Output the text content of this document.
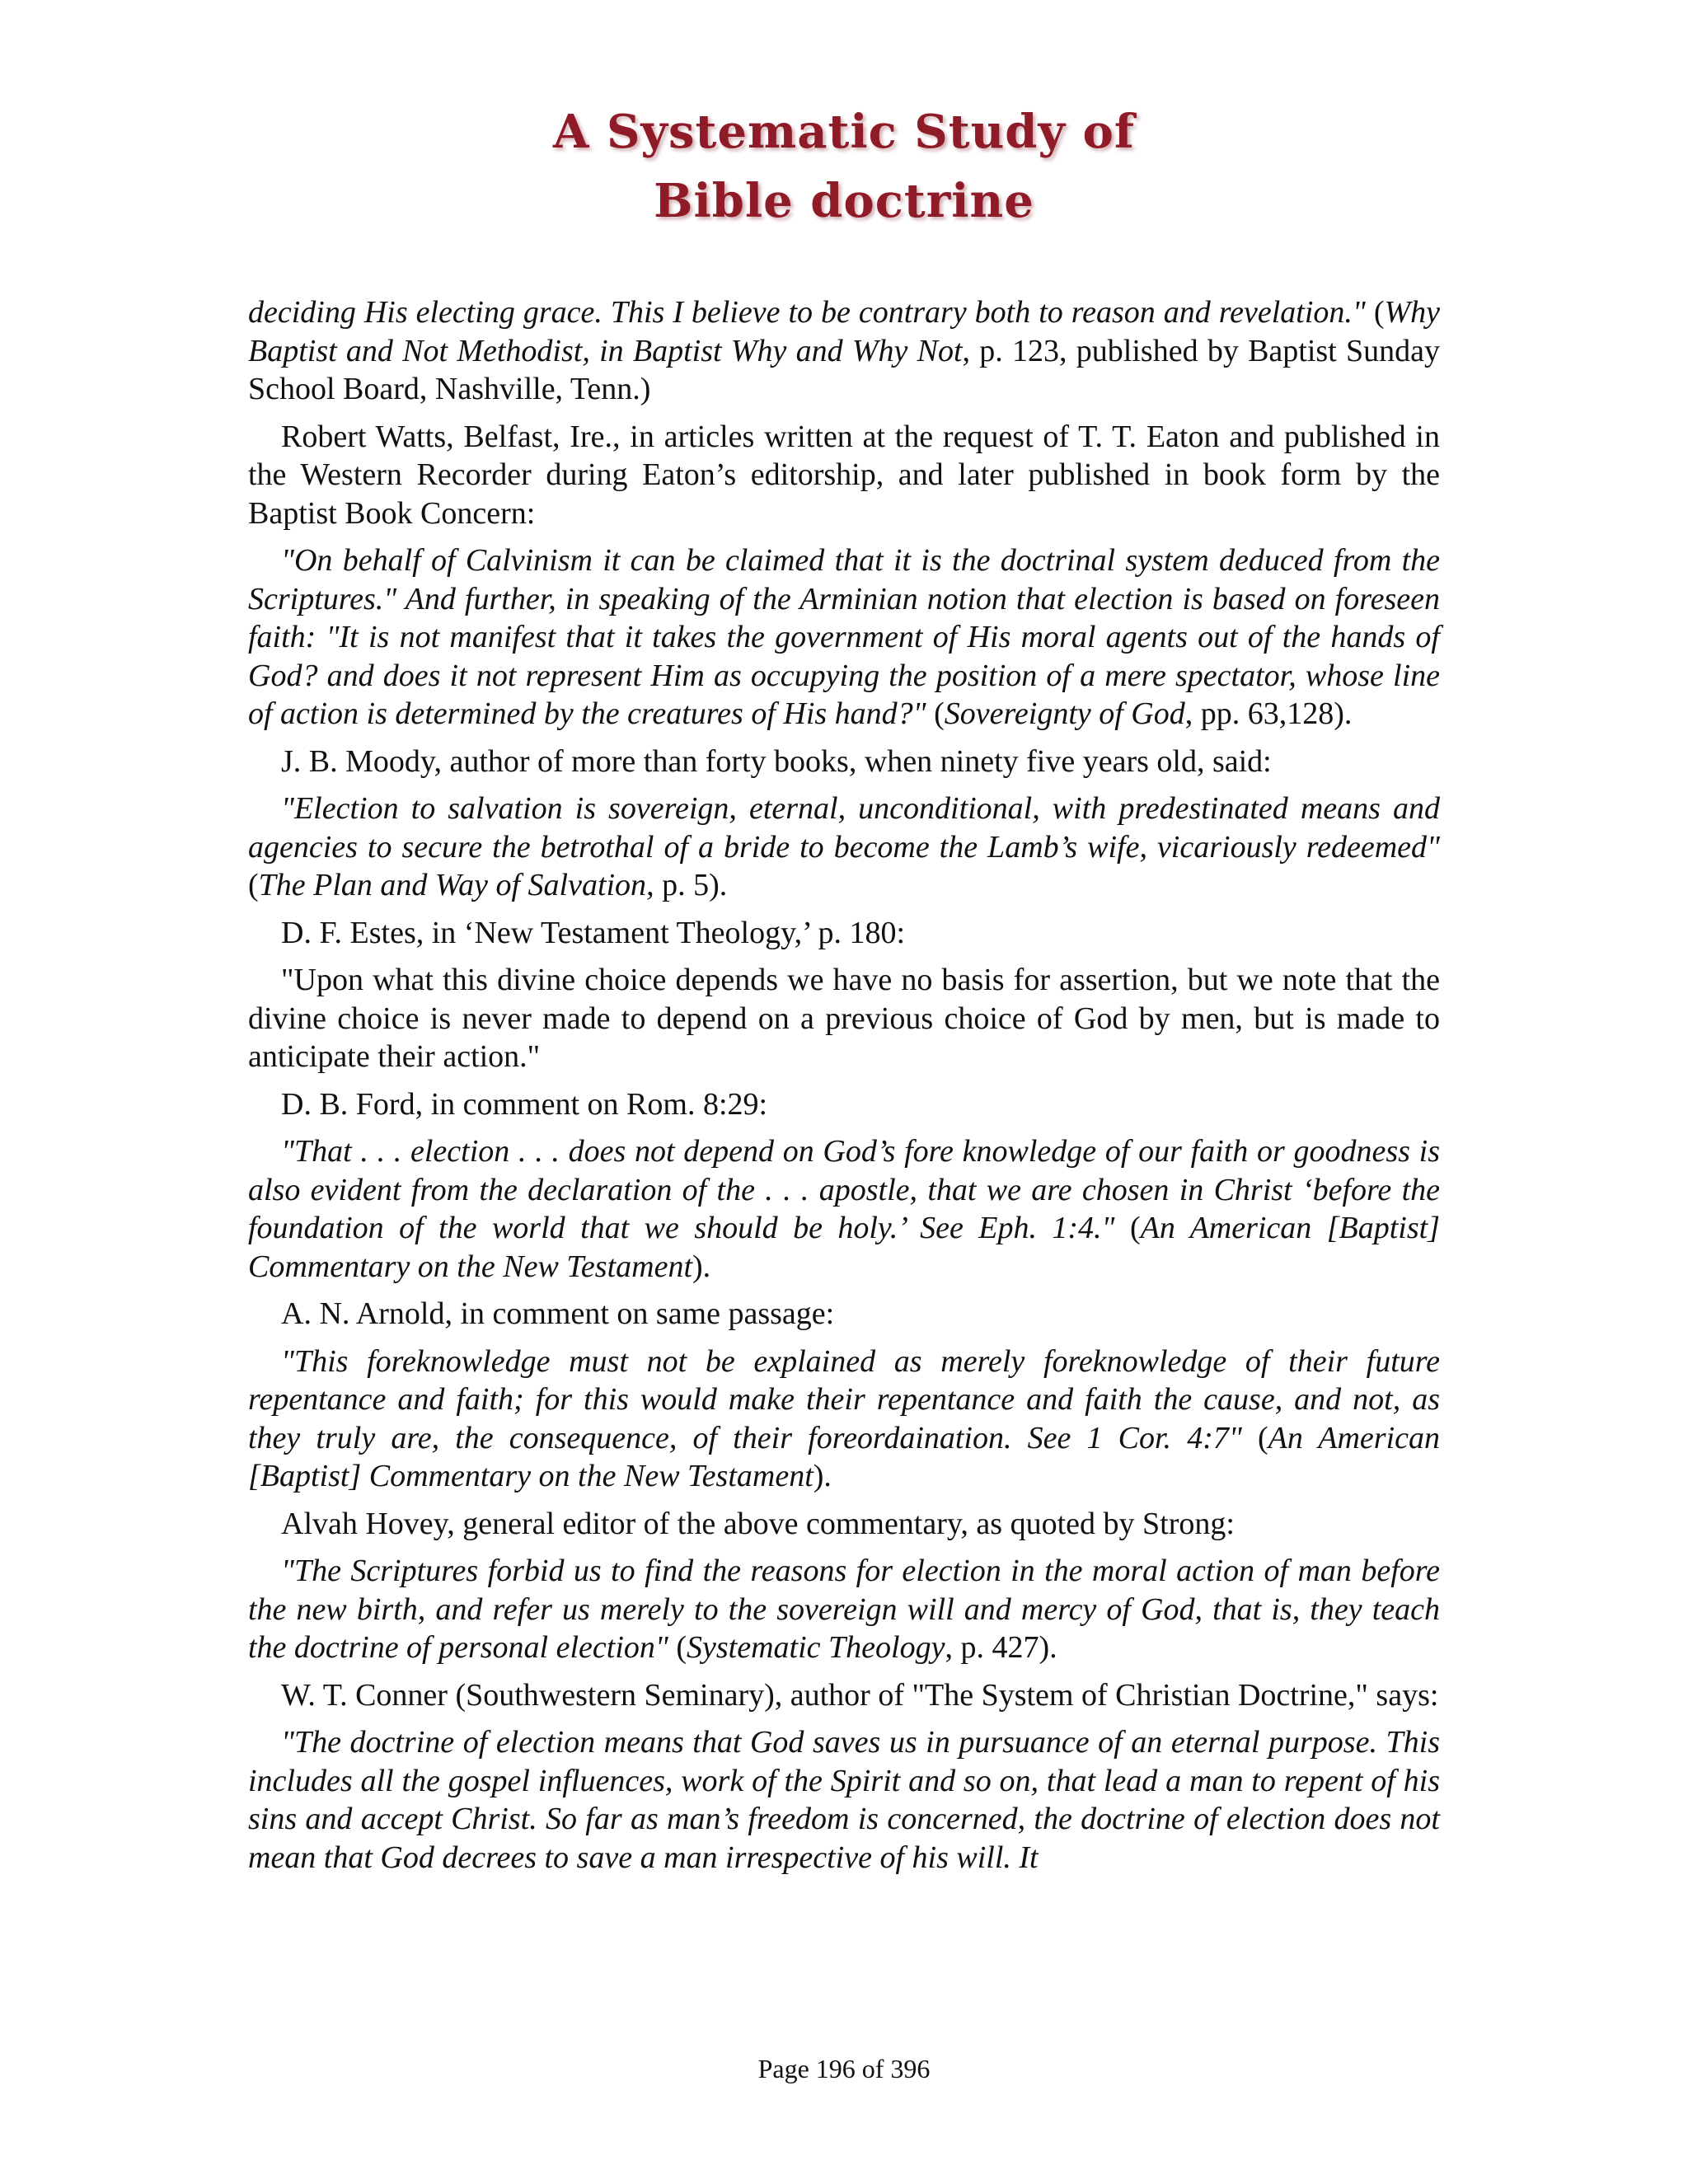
A Systematic Study of
Bible doctrine

deciding His electing grace. This I believe to be contrary both to reason and revelation." (Why Baptist and Not Methodist, in Baptist Why and Why Not, p. 123, published by Baptist Sunday School Board, Nashville, Tenn.)

Robert Watts, Belfast, Ire., in articles written at the request of T. T. Eaton and published in the Western Recorder during Eaton’s editorship, and later published in book form by the Baptist Book Concern:

"On behalf of Calvinism it can be claimed that it is the doctrinal system deduced from the Scriptures." And further, in speaking of the Arminian notion that election is based on foreseen faith: "It is not manifest that it takes the government of His moral agents out of the hands of God? and does it not represent Him as occupying the position of a mere spectator, whose line of action is determined by the creatures of His hand?" (Sovereignty of God, pp. 63,128).

J. B. Moody, author of more than forty books, when ninety five years old, said:

"Election to salvation is sovereign, eternal, unconditional, with predestinated means and agencies to secure the betrothal of a bride to become the Lamb’s wife, vicariously redeemed" (The Plan and Way of Salvation, p. 5).

D. F. Estes, in ‘New Testament Theology,’ p. 180:

"Upon what this divine choice depends we have no basis for assertion, but we note that the divine choice is never made to depend on a previous choice of God by men, but is made to anticipate their action."

D. B. Ford, in comment on Rom. 8:29:

"That . . . election . . . does not depend on God’s fore knowledge of our faith or goodness is also evident from the declaration of the . . . apostle, that we are chosen in Christ ‘before the foundation of the world that we should be holy.’ See Eph. 1:4." (An American [Baptist] Commentary on the New Testament).

A. N. Arnold, in comment on same passage:

"This foreknowledge must not be explained as merely foreknowledge of their future repentance and faith; for this would make their repentance and faith the cause, and not, as they truly are, the consequence, of their foreordaination. See 1 Cor. 4:7" (An American [Baptist] Commentary on the New Testament).

Alvah Hovey, general editor of the above commentary, as quoted by Strong:

"The Scriptures forbid us to find the reasons for election in the moral action of man before the new birth, and refer us merely to the sovereign will and mercy of God, that is, they teach the doctrine of personal election" (Systematic Theology, p. 427).

W. T. Conner (Southwestern Seminary), author of "The System of Christian Doctrine," says:

"The doctrine of election means that God saves us in pursuance of an eternal purpose. This includes all the gospel influences, work of the Spirit and so on, that lead a man to repent of his sins and accept Christ. So far as man’s freedom is concerned, the doctrine of election does not mean that God decrees to save a man irrespective of his will. It

Page 196 of 396
